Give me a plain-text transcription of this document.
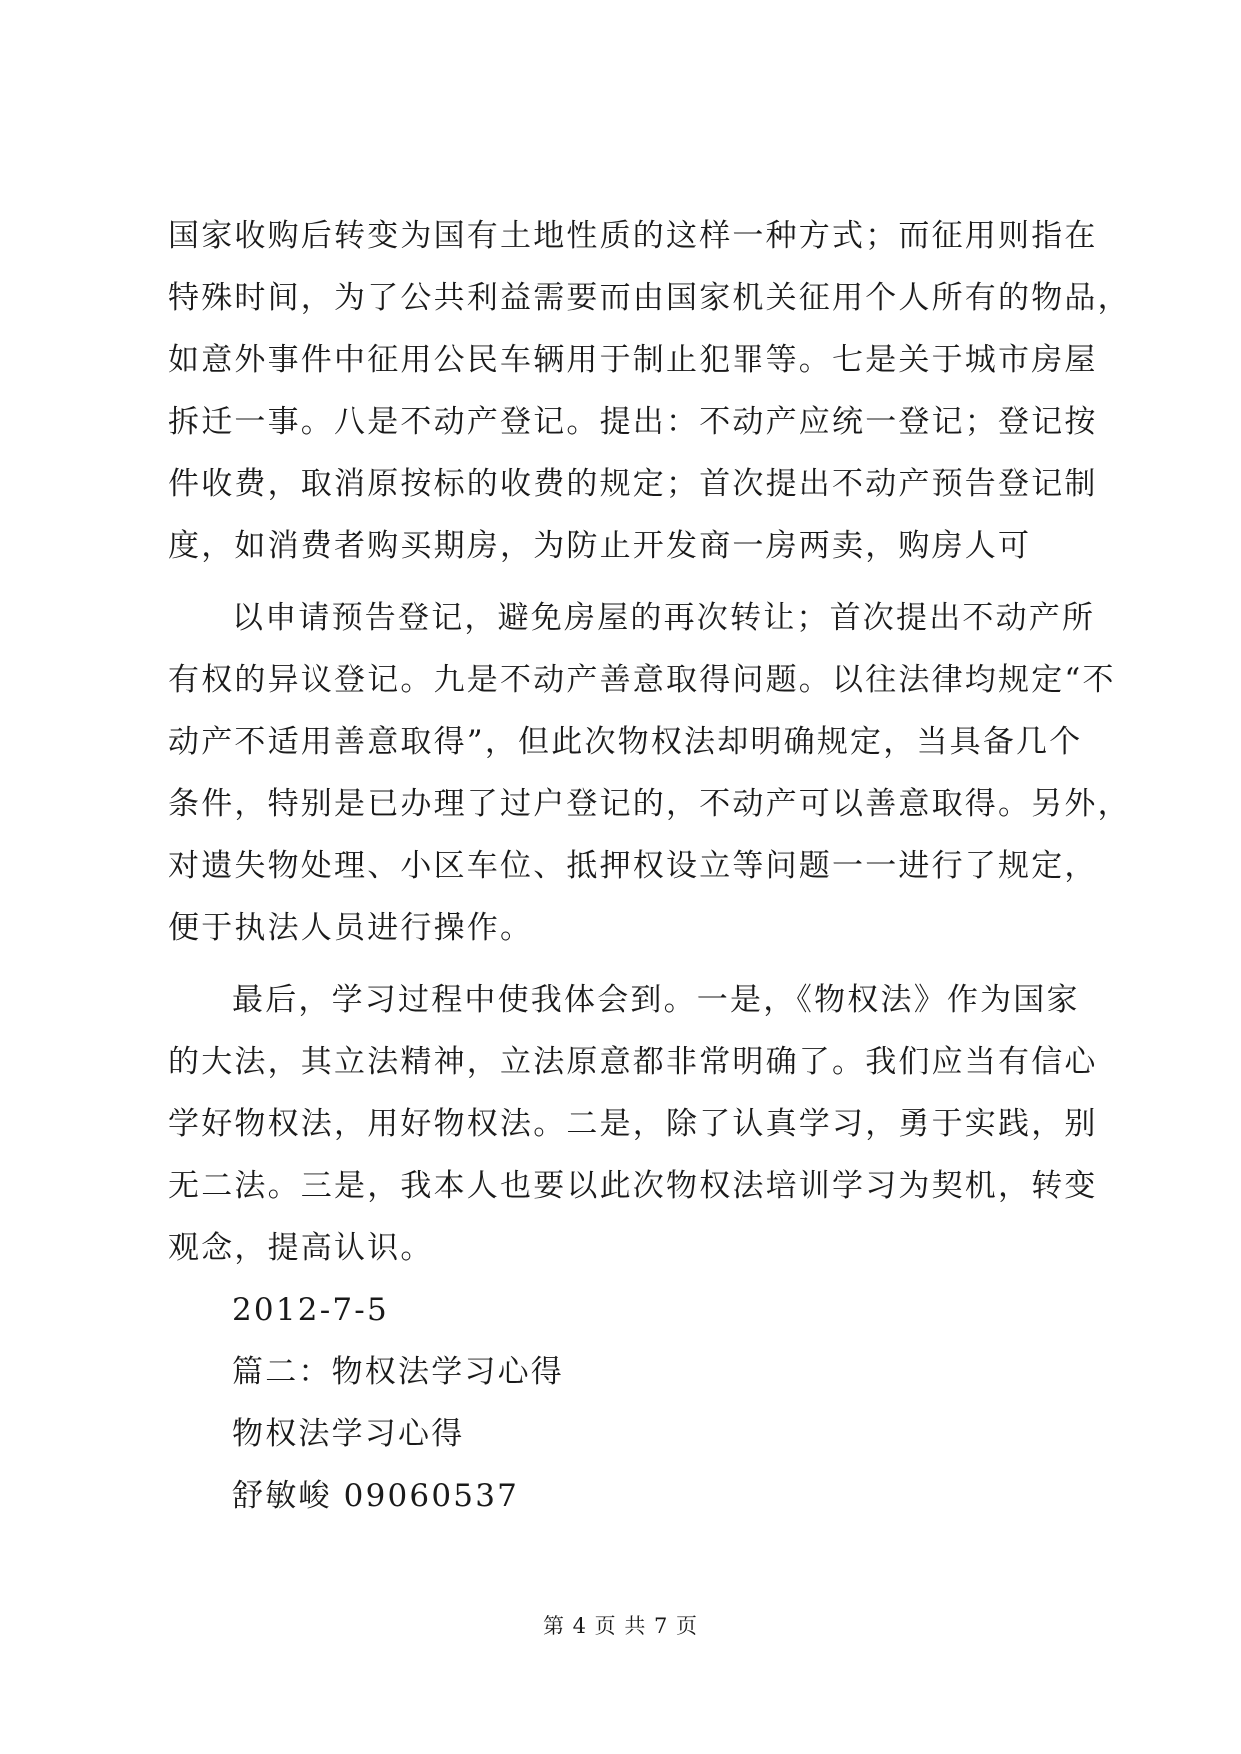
国家收购后转变为国有土地性质的这样一种方式；而征用则指在
特殊时间，为了公共利益需要而由国家机关征用个人所有的物品，
如意外事件中征用公民车辆用于制止犯罪等。七是关于城市房屋
拆迁一事。八是不动产登记。提出：不动产应统一登记；登记按
件收费，取消原按标的收费的规定；首次提出不动产预告登记制
度，如消费者购买期房，为防止开发商一房两卖，购房人可
以申请预告登记，避免房屋的再次转让；首次提出不动产所
有权的异议登记。九是不动产善意取得问题。以往法律均规定“不
动产不适用善意取得”，但此次物权法却明确规定，当具备几个
条件，特别是已办理了过户登记的，不动产可以善意取得。另外，
对遗失物处理、小区车位、抵押权设立等问题一一进行了规定，
便于执法人员进行操作。
最后，学习过程中使我体会到。一是，《物权法》作为国家
的大法，其立法精神，立法原意都非常明确了。我们应当有信心
学好物权法，用好物权法。二是，除了认真学习，勇于实践，别
无二法。三是，我本人也要以此次物权法培训学习为契机，转变
观念，提高认识。
2012-7-5
篇二：物权法学习心得
物权法学习心得
舒敏峻 09060537
第 4 页 共 7 页
